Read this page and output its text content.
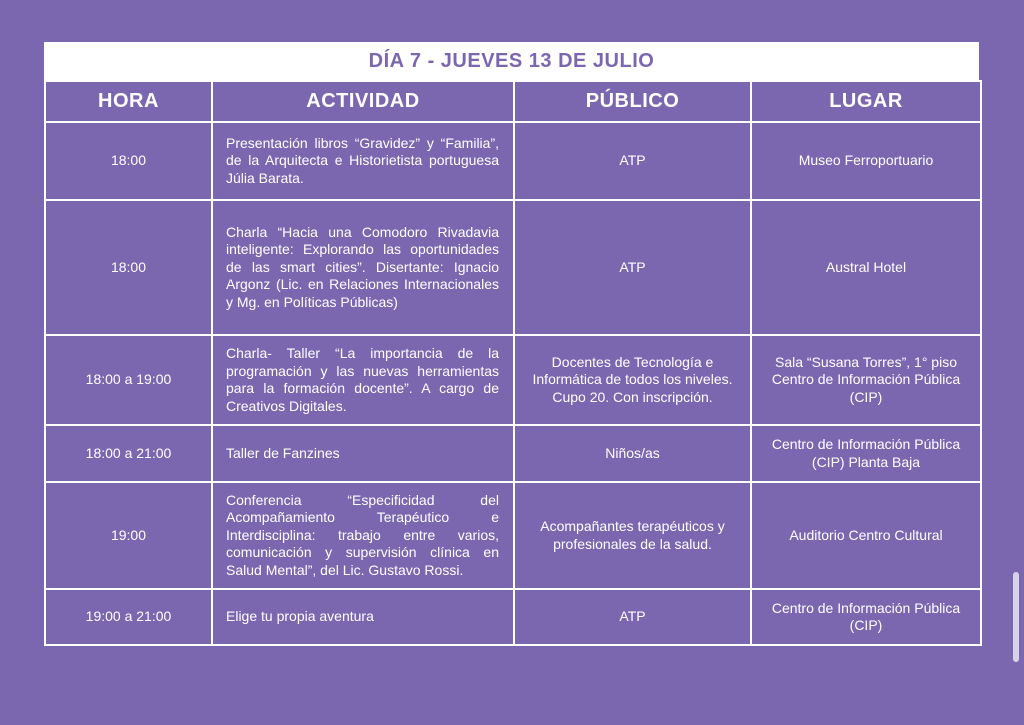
DÍA 7 - JUEVES 13 DE JULIO
HORA	ACTIVIDAD	PÚBLICO	LUGAR
18:00	Presentación libros “Gravidez” y “Familia”, de la Arquitecta e Historietista portuguesa Júlia Barata.	ATP	Museo Ferroportuario
18:00	Charla “Hacia una Comodoro Rivadavia inteligente: Explorando las oportunidades de las smart cities”. Disertante: Ignacio Argonz (Lic. en Relaciones Internacionales y Mg. en Políticas Públicas)	ATP	Austral Hotel
18:00 a 19:00	Charla- Taller “La importancia de la programación y las nuevas herramientas para la formación docente”. A cargo de Creativos Digitales.	Docentes de Tecnología e Informática de todos los niveles. Cupo 20. Con inscripción.	Sala “Susana Torres”, 1° piso Centro de Información Pública (CIP)
18:00 a 21:00	Taller de Fanzines	Niños/as	Centro de Información Pública (CIP) Planta Baja
19:00	Conferencia “Especificidad del Acompañamiento Terapéutico e Interdisciplina: trabajo entre varios, comunicación y supervisión clínica en Salud Mental”, del Lic. Gustavo Rossi.	Acompañantes terapéuticos y profesionales de la salud.	Auditorio Centro Cultural
19:00 a 21:00	Elige tu propia aventura	ATP	Centro de Información Pública (CIP)
